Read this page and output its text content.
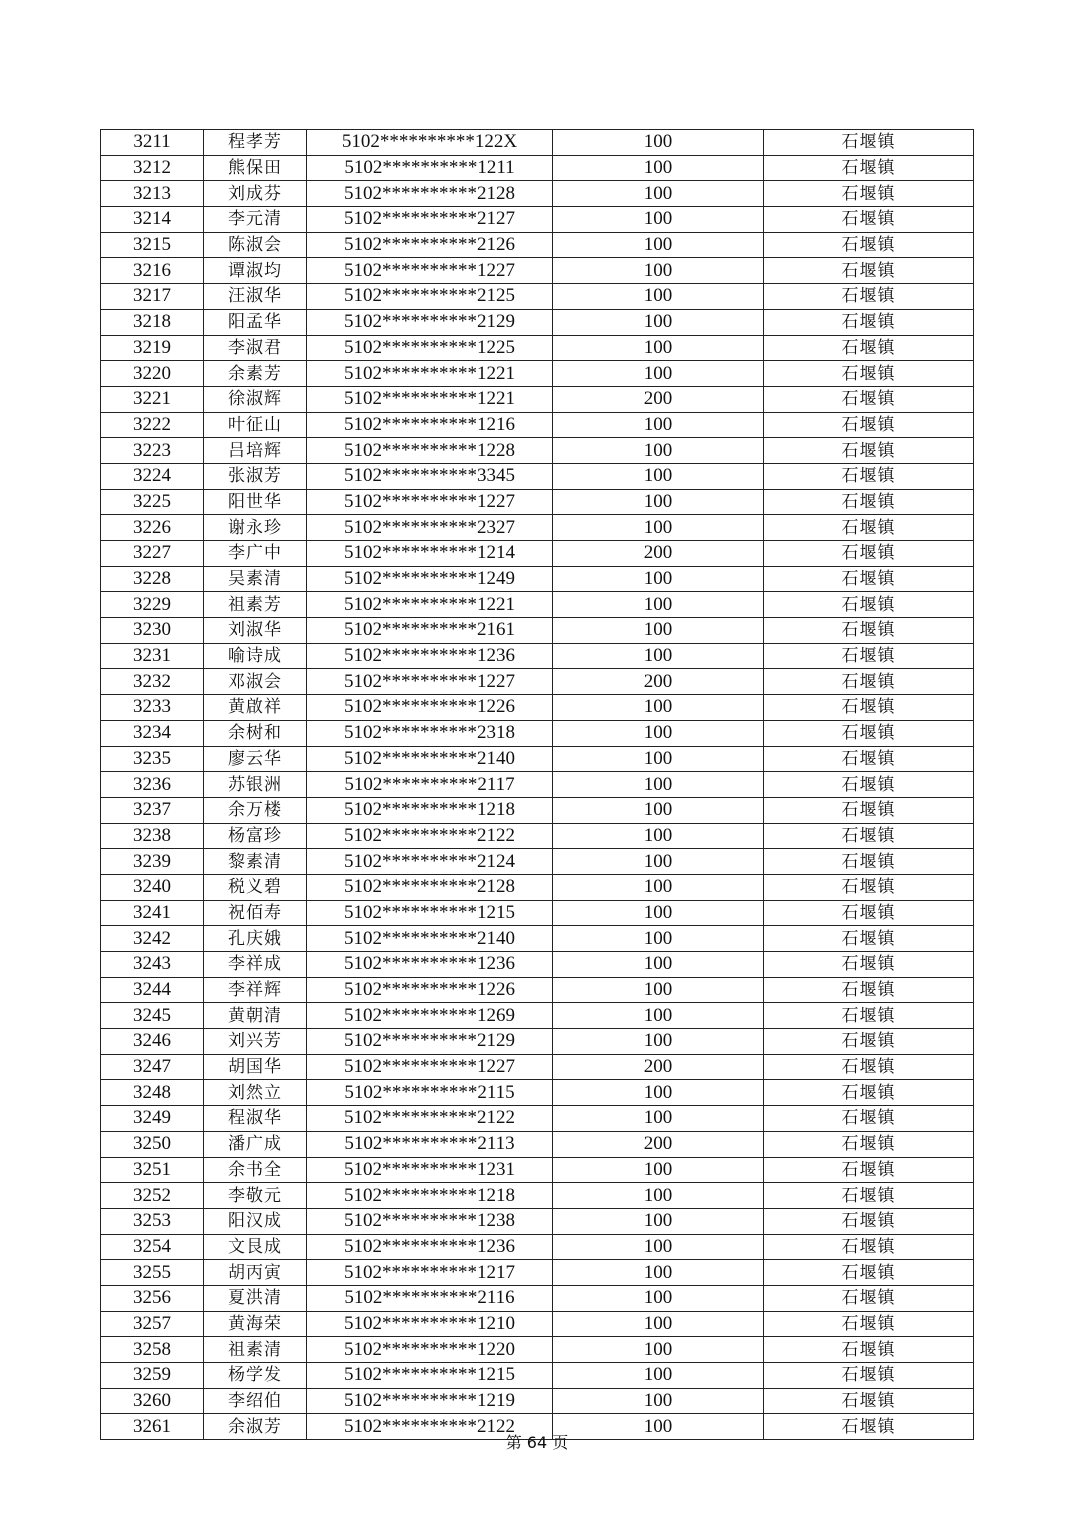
3211	程孝芳	5102**********122X	100	石堰镇
3212	熊保田	5102**********1211	100	石堰镇
3213	刘成芬	5102**********2128	100	石堰镇
3214	李元清	5102**********2127	100	石堰镇
3215	陈淑会	5102**********2126	100	石堰镇
3216	谭淑均	5102**********1227	100	石堰镇
3217	汪淑华	5102**********2125	100	石堰镇
3218	阳孟华	5102**********2129	100	石堰镇
3219	李淑君	5102**********1225	100	石堰镇
3220	余素芳	5102**********1221	100	石堰镇
3221	徐淑辉	5102**********1221	200	石堰镇
3222	叶征山	5102**********1216	100	石堰镇
3223	吕培辉	5102**********1228	100	石堰镇
3224	张淑芳	5102**********3345	100	石堰镇
3225	阳世华	5102**********1227	100	石堰镇
3226	谢永珍	5102**********2327	100	石堰镇
3227	李广中	5102**********1214	200	石堰镇
3228	吴素清	5102**********1249	100	石堰镇
3229	祖素芳	5102**********1221	100	石堰镇
3230	刘淑华	5102**********2161	100	石堰镇
3231	喻诗成	5102**********1236	100	石堰镇
3232	邓淑会	5102**********1227	200	石堰镇
3233	黄啟祥	5102**********1226	100	石堰镇
3234	余树和	5102**********2318	100	石堰镇
3235	廖云华	5102**********2140	100	石堰镇
3236	苏银洲	5102**********2117	100	石堰镇
3237	余万楼	5102**********1218	100	石堰镇
3238	杨富珍	5102**********2122	100	石堰镇
3239	黎素清	5102**********2124	100	石堰镇
3240	税义碧	5102**********2128	100	石堰镇
3241	祝佰寿	5102**********1215	100	石堰镇
3242	孔庆娥	5102**********2140	100	石堰镇
3243	李祥成	5102**********1236	100	石堰镇
3244	李祥辉	5102**********1226	100	石堰镇
3245	黄朝清	5102**********1269	100	石堰镇
3246	刘兴芳	5102**********2129	100	石堰镇
3247	胡国华	5102**********1227	200	石堰镇
3248	刘然立	5102**********2115	100	石堰镇
3249	程淑华	5102**********2122	100	石堰镇
3250	潘广成	5102**********2113	200	石堰镇
3251	余书全	5102**********1231	100	石堰镇
3252	李敬元	5102**********1218	100	石堰镇
3253	阳汉成	5102**********1238	100	石堰镇
3254	文艮成	5102**********1236	100	石堰镇
3255	胡丙寅	5102**********1217	100	石堰镇
3256	夏洪清	5102**********2116	100	石堰镇
3257	黄海荣	5102**********1210	100	石堰镇
3258	祖素清	5102**********1220	100	石堰镇
3259	杨学发	5102**********1215	100	石堰镇
3260	李绍伯	5102**********1219	100	石堰镇
3261	余淑芳	5102**********2122	100	石堰镇
第 64 页
